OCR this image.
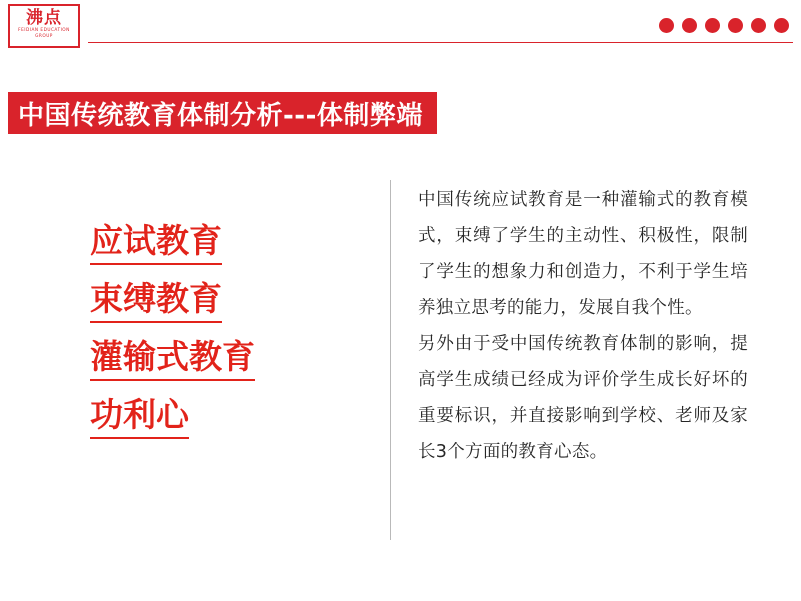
沸点
FEIDIAN EDUCATION GROUP
中国传统教育体制分析---体制弊端
应试教育
束缚教育
灌输式教育
功利心

中国传统应试教育是一种灌输式的教育模式，束缚了学生的主动性、积极性，限制了学生的想象力和创造力，不利于学生培养独立思考的能力，发展自我个性。

另外由于受中国传统教育体制的影响，提高学生成绩已经成为评价学生成长好坏的重要标识，并直接影响到学校、老师及家长3个方面的教育心态。
